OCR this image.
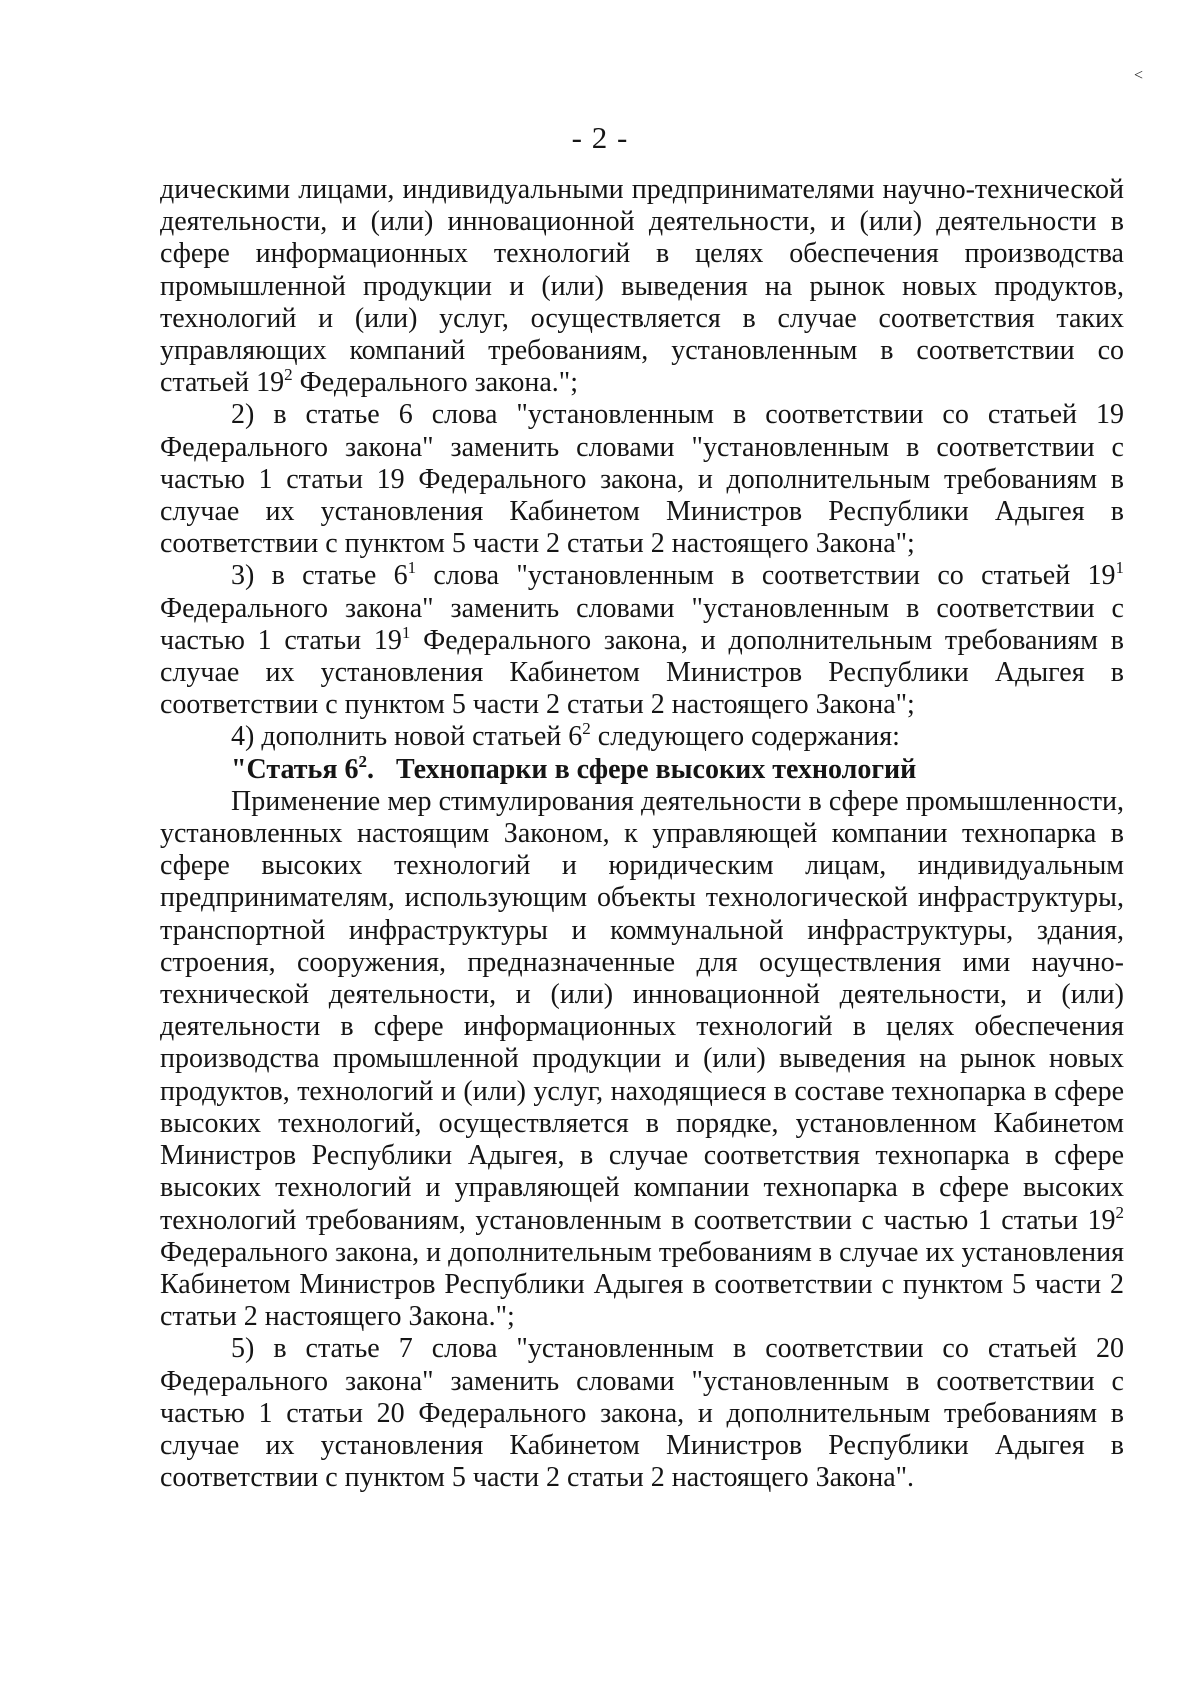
˂
- 2 -

дическими лицами, индивидуальными предпринимателями научно-технической деятельности, и (или) инновационной деятельности, и (или) деятельности в сфере информационных технологий в целях обеспечения производства промышленной продукции и (или) выведения на рынок новых продуктов, технологий и (или) услуг, осуществляется в случае соответствия таких управляющих компаний требованиям, установленным в соответствии со статьей $19^2$ Федерального закона.";

2) в статье 6 слова "установленным в соответствии со статьей 19 Федерального закона" заменить словами "установленным в соответствии с частью 1 статьи 19 Федерального закона, и дополнительным требованиям в случае их установления Кабинетом Министров Республики Адыгея в соответствии с пунктом 5 части 2 статьи 2 настоящего Закона";

3) в статье $6^1$ слова "установленным в соответствии со статьей $19^1$ Федерального закона" заменить словами "установленным в соответствии с частью 1 статьи $19^1$ Федерального закона, и дополнительным требованиям в случае их установления Кабинетом Министров Республики Адыгея в соответствии с пунктом 5 части 2 статьи 2 настоящего Закона";

4) дополнить новой статьей $6^2$ следующего содержания:

"Статья $6^2$. Технопарки в сфере высоких технологий

Применение мер стимулирования деятельности в сфере промышленности, установленных настоящим Законом, к управляющей компании технопарка в сфере высоких технологий и юридическим лицам, индивидуальным предпринимателям, использующим объекты технологической инфраструктуры, транспортной инфраструктуры и коммунальной инфраструктуры, здания, строения, сооружения, предназначенные для осуществления ими научно-технической деятельности, и (или) инновационной деятельности, и (или) деятельности в сфере информационных технологий в целях обеспечения производства промышленной продукции и (или) выведения на рынок новых продуктов, технологий и (или) услуг, находящиеся в составе технопарка в сфере высоких технологий, осуществляется в порядке, установленном Кабинетом Министров Республики Адыгея, в случае соответствия технопарка в сфере высоких технологий и управляющей компании технопарка в сфере высоких технологий требованиям, установленным в соответствии с частью 1 статьи $19^2$ Федерального закона, и дополнительным требованиям в случае их установления Кабинетом Министров Республики Адыгея в соответствии с пунктом 5 части 2 статьи 2 настоящего Закона.";

5) в статье 7 слова "установленным в соответствии со статьей 20 Федерального закона" заменить словами "установленным в соответствии с частью 1 статьи 20 Федерального закона, и дополнительным требованиям в случае их установления Кабинетом Министров Республики Адыгея в соответствии с пунктом 5 части 2 статьи 2 настоящего Закона".
